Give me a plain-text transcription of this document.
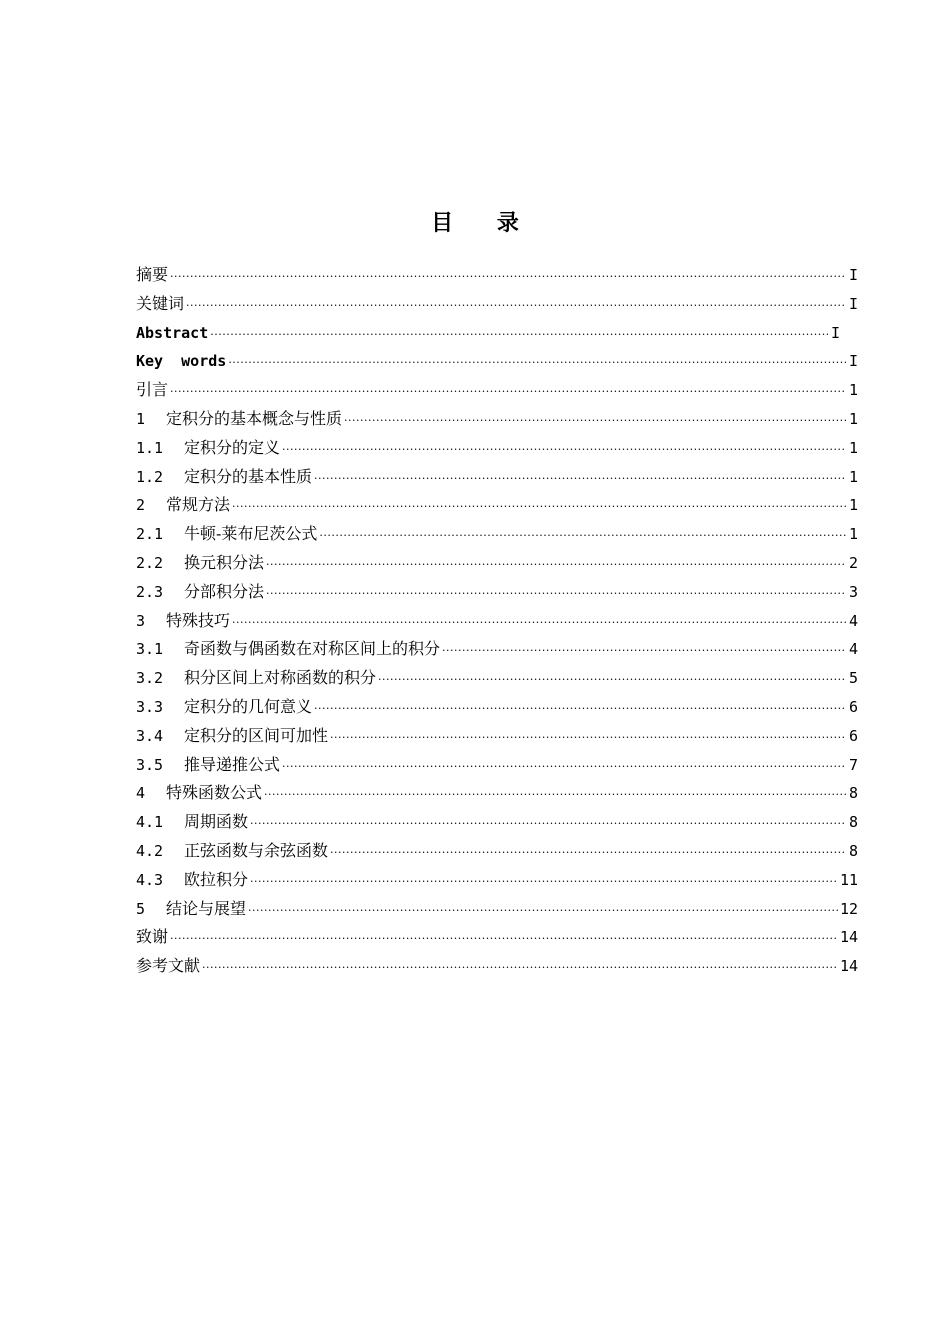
目 录
摘要 ·····	I
关键词 ·····	I
Abstract ·····	I
Key  words ·····	I
引言 ·····	1
1	定积分的基本概念与性质 ·····	1
1.1	定积分的定义 ·····	1
1.2	定积分的基本性质 ·····	1
2	常规方法 ·····	1
2.1	牛顿-莱布尼茨公式 ·····	1
2.2	换元积分法 ·····	2
2.3	分部积分法 ·····	3
3	特殊技巧 ·····	4
3.1	奇函数与偶函数在对称区间上的积分 ·····	4
3.2	积分区间上对称函数的积分 ·····	5
3.3	定积分的几何意义 ·····	6
3.4	定积分的区间可加性 ·····	6
3.5	推导递推公式 ·····	7
4	特殊函数公式 ·····	8
4.1	周期函数 ·····	8
4.2	正弦函数与余弦函数 ·····	8
4.3	欧拉积分 ·····	11
5	结论与展望 ·····	12
致谢 ·····	14
参考文献 ·····	14
